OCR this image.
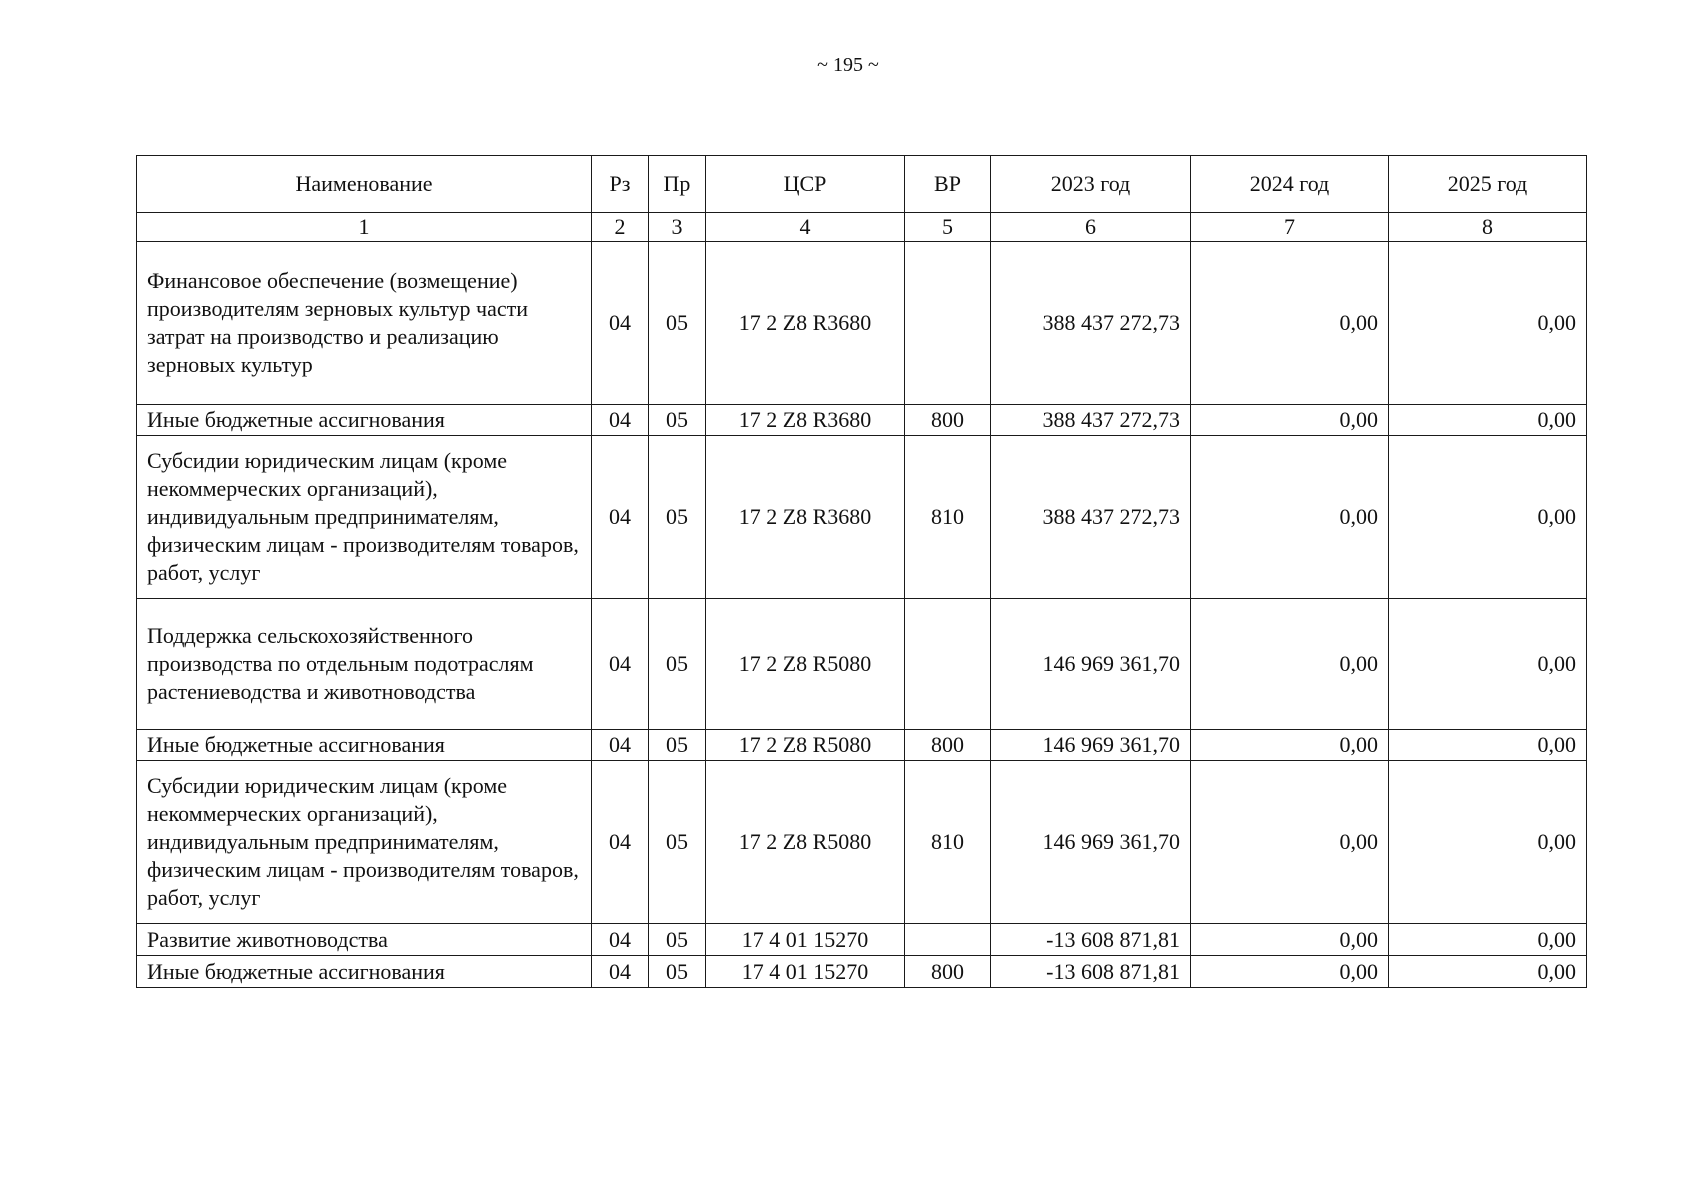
~ 195 ~
Наименование	Рз	Пр	ЦСР	ВР	2023 год	2024 год	2025 год
1	2	3	4	5	6	7	8
Финансовое обеспечение (возмещение) производителям зерновых культур части затрат на производство и реализацию зерновых культур	04	05	17 2 Z8 R3680		388 437 272,73	0,00	0,00
Иные бюджетные ассигнования	04	05	17 2 Z8 R3680	800	388 437 272,73	0,00	0,00
Субсидии юридическим лицам (кроме некоммерческих организаций), индивидуальным предпринимателям, физическим лицам - производителям товаров, работ, услуг	04	05	17 2 Z8 R3680	810	388 437 272,73	0,00	0,00
Поддержка сельскохозяйственного производства по отдельным подотраслям растениеводства и животноводства	04	05	17 2 Z8 R5080		146 969 361,70	0,00	0,00
Иные бюджетные ассигнования	04	05	17 2 Z8 R5080	800	146 969 361,70	0,00	0,00
Субсидии юридическим лицам (кроме некоммерческих организаций), индивидуальным предпринимателям, физическим лицам - производителям товаров, работ, услуг	04	05	17 2 Z8 R5080	810	146 969 361,70	0,00	0,00
Развитие животноводства	04	05	17 4 01 15270		-13 608 871,81	0,00	0,00
Иные бюджетные ассигнования	04	05	17 4 01 15270	800	-13 608 871,81	0,00	0,00
